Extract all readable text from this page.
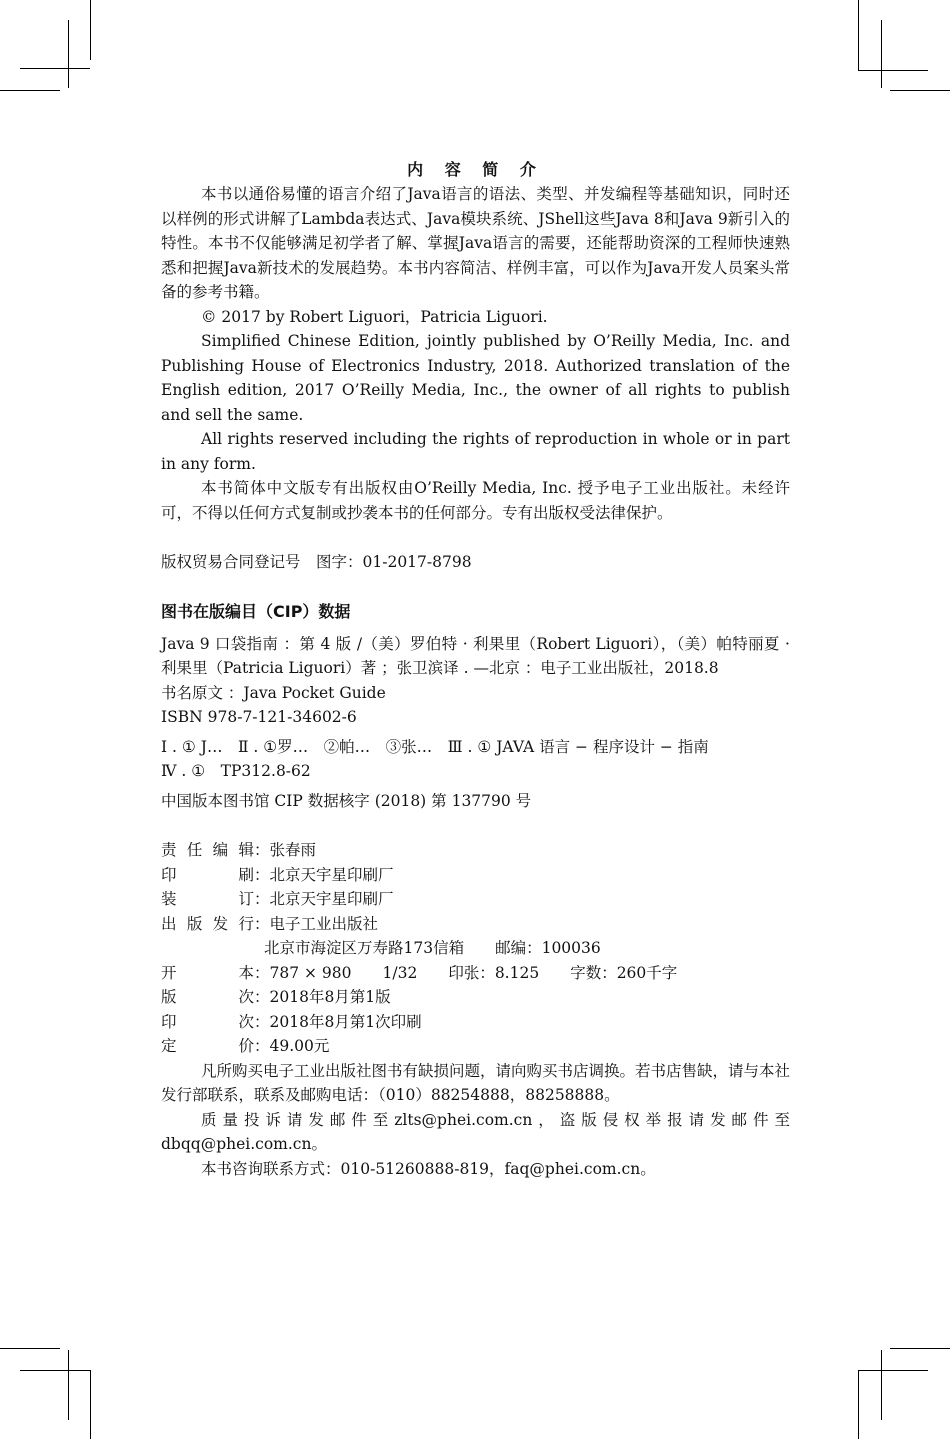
内 容 简 介
本书以通俗易懂的语言介绍了Java语言的语法、类型、并发编程等基础知识，同时还以样例的形式讲解了Lambda表达式、Java模块系统、JShell这些Java 8和Java 9新引入的特性。本书不仅能够满足初学者了解、掌握Java语言的需要，还能帮助资深的工程师快速熟悉和把握Java新技术的发展趋势。本书内容简洁、样例丰富，可以作为Java开发人员案头常备的参考书籍。
© 2017 by Robert Liguori，Patricia Liguori.
Simplified Chinese Edition, jointly published by O’Reilly Media, Inc. and Publishing House of Electronics Industry, 2018. Authorized translation of the English edition, 2017 O’Reilly Media, Inc., the owner of all rights to publish and sell the same.
All rights reserved including the rights of reproduction in whole or in part in any form.
本书简体中文版专有出版权由O’Reilly Media, Inc. 授予电子工业出版社。未经许可，不得以任何方式复制或抄袭本书的任何部分。专有出版权受法律保护。
版权贸易合同登记号　图字：01-2017-8798
图书在版编目（CIP）数据
Java 9 口袋指南 ：第 4 版 /（美）罗伯特 · 利果里（Robert Liguori），（美）帕特丽夏 · 利果里（Patricia Liguori）著 ；张卫滨译 . —北京 ：电子工业出版社，2018.8
书名原文 ：Java Pocket Guide
ISBN 978-7-121-34602-6
Ⅰ . ① J…　Ⅱ . ①罗…　②帕…　③张…　Ⅲ . ① JAVA 语言 − 程序设计 − 指南
Ⅳ . ①　TP312.8-62
中国版本图书馆 CIP 数据核字 (2018) 第 137790 号
责 任 编 辑 ：张春雨
印	刷 ：北京天宇星印刷厂
装	订 ：北京天宇星印刷厂
出 版 发 行 ：电子工业出版社
北京市海淀区万寿路173信箱　　邮编：100036
开	本 ：787 × 980　　1/32　　印张：8.125　　字数：260千字
版	次 ：2018年8月第1版
印	次 ：2018年8月第1次印刷
定	价 ：49.00元
凡所购买电子工业出版社图书有缺损问题，请向购买书店调换。若书店售缺，请与本社发行部联系，联系及邮购电话：（010）88254888，88258888。
质量投诉请发邮件至zlts@phei.com.cn，盗版侵权举报请发邮件至dbqq@phei.com.cn。
本书咨询联系方式：010-51260888-819，faq@phei.com.cn。
